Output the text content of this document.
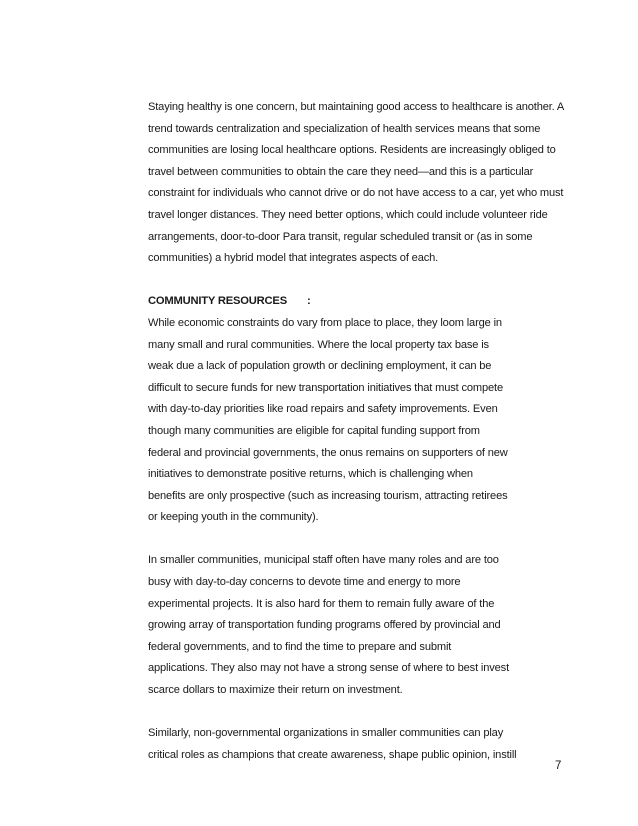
Staying healthy is one concern, but maintaining good access to healthcare is another. A
trend towards centralization and specialization of health services means that some
communities are losing local healthcare options. Residents are increasingly obliged to
travel between communities to obtain the care they need—and this is a particular
constraint for individuals who cannot drive or do not have access to a car, yet who must
travel longer distances. They need better options, which could include volunteer ride
arrangements, door-to-door Para transit, regular scheduled transit or (as in some
communities) a hybrid model that integrates aspects of each.

COMMUNITY RESOURCES :

While economic constraints do vary from place to place, they loom large in
many small and rural communities. Where the local property tax base is
weak due a lack of population growth or declining employment, it can be
difficult to secure funds for new transportation initiatives that must compete
with day-to-day priorities like road repairs and safety improvements. Even
though many communities are eligible for capital funding support from
federal and provincial governments, the onus remains on supporters of new
initiatives to demonstrate positive returns, which is challenging when
benefits are only prospective (such as increasing tourism, attracting retirees
or keeping youth in the community).

In smaller communities, municipal staff often have many roles and are too
busy with day-to-day concerns to devote time and energy to more
experimental projects. It is also hard for them to remain fully aware of the
growing array of transportation funding programs offered by provincial and
federal governments, and to find the time to prepare and submit
applications. They also may not have a strong sense of where to best invest
scarce dollars to maximize their return on investment.

Similarly, non-governmental organizations in smaller communities can play
critical roles as champions that create awareness, shape public opinion, instill

7
